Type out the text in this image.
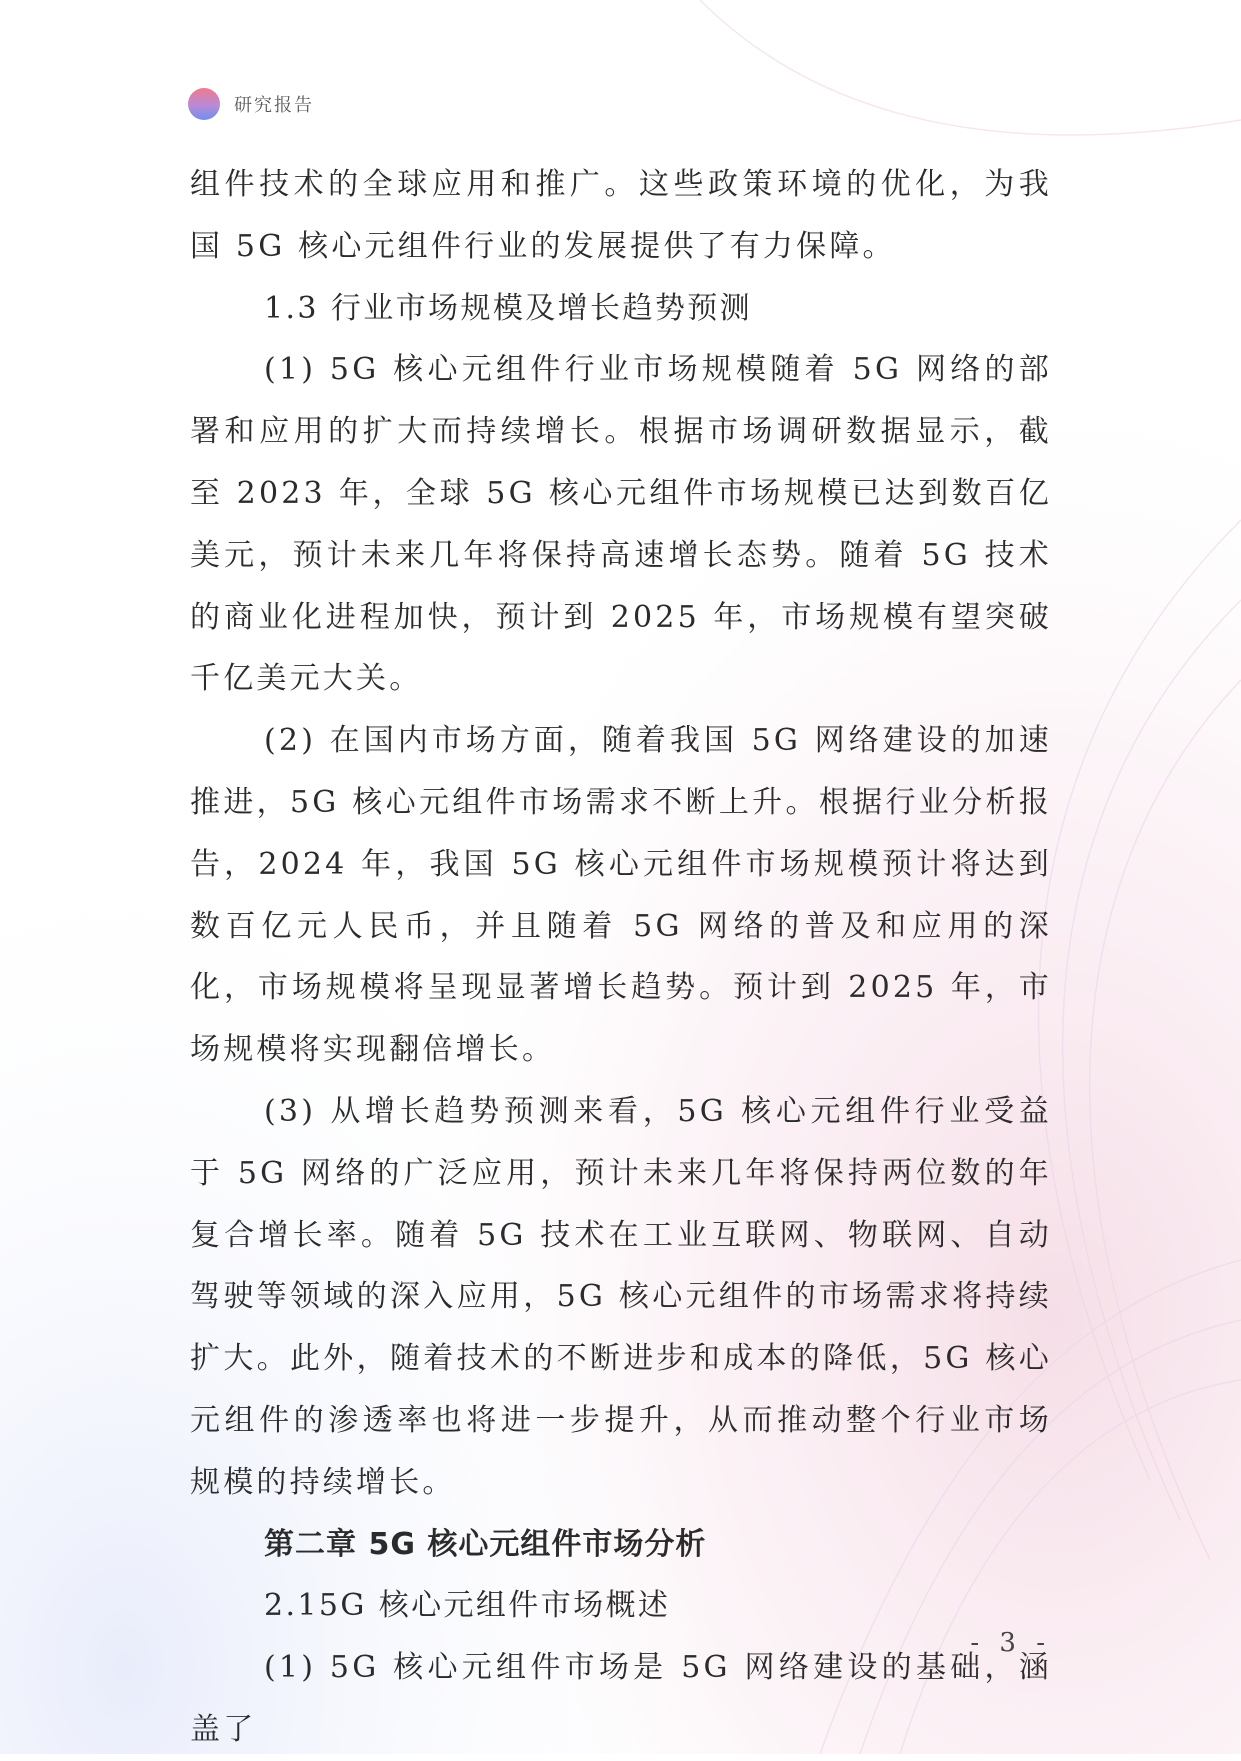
研究报告

组件技术的全球应用和推广。这些政策环境的优化，为我国 5G 核心元组件行业的发展提供了有力保障。

1.3 行业市场规模及增长趋势预测

(1) 5G 核心元组件行业市场规模随着 5G 网络的部署和应用的扩大而持续增长。根据市场调研数据显示，截至 2023 年，全球 5G 核心元组件市场规模已达到数百亿美元，预计未来几年将保持高速增长态势。随着 5G 技术的商业化进程加快，预计到 2025 年，市场规模有望突破千亿美元大关。

(2) 在国内市场方面，随着我国 5G 网络建设的加速推进，5G 核心元组件市场需求不断上升。根据行业分析报告，2024 年，我国 5G 核心元组件市场规模预计将达到数百亿元人民币，并且随着 5G 网络的普及和应用的深化，市场规模将呈现显著增长趋势。预计到 2025 年，市场规模将实现翻倍增长。

(3) 从增长趋势预测来看，5G 核心元组件行业受益于 5G 网络的广泛应用，预计未来几年将保持两位数的年复合增长率。随着 5G 技术在工业互联网、物联网、自动驾驶等领域的深入应用，5G 核心元组件的市场需求将持续扩大。此外，随着技术的不断进步和成本的降低，5G 核心元组件的渗透率也将进一步提升，从而推动整个行业市场规模的持续增长。

第二章 5G 核心元组件市场分析

2.15G 核心元组件市场概述

(1) 5G 核心元组件市场是 5G 网络建设的基础，涵盖了

- 3 -
